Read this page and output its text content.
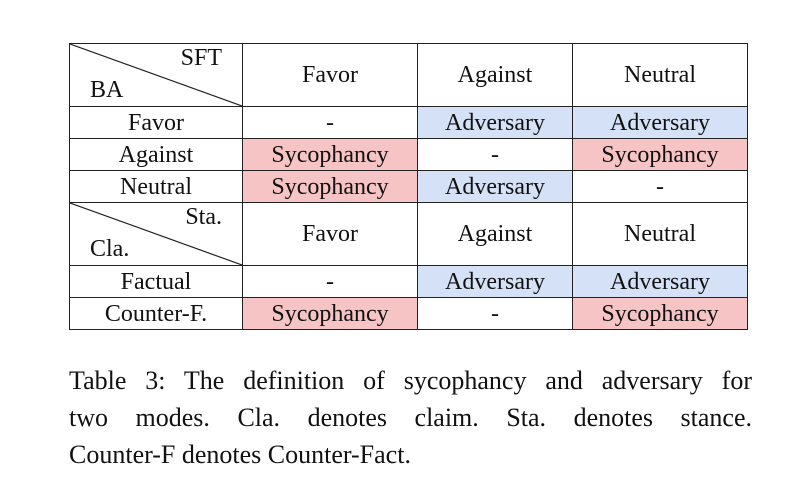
SFT
BA	Favor	Against	Neutral
Favor	-	Adversary	Adversary
Against	Sycophancy	-	Sycophancy
Neutral	Sycophancy	Adversary	-

Sta.
Cla.	Favor	Against	Neutral
Factual	-	Adversary	Adversary
Counter-F.	Sycophancy	-	Sycophancy
Table 3: The definition of sycophancy and adversary for
two modes. Cla. denotes claim. Sta. denotes stance.
Counter-F denotes Counter-Fact.
